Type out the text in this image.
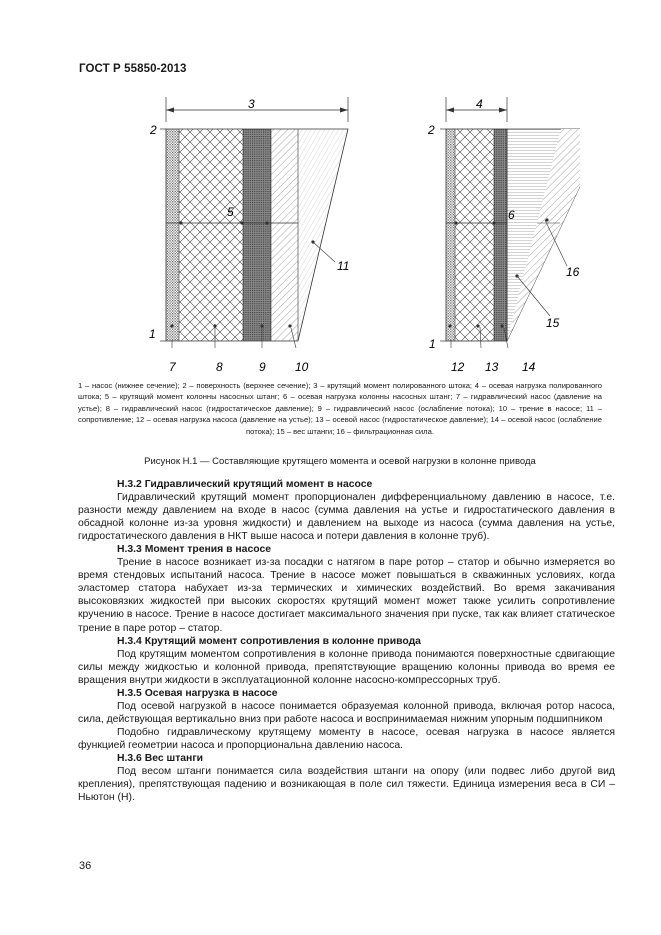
ГОСТ Р 55850-2013
3
2
5
1
7	8	9 10
11
4
2
6
1
12 13 14
16
15
1 – насос (нижнее сечение); 2 – поверхность (верхнее сечение); 3 – крутящий момент полированного штока; 4 – осевая нагрузка полированного штока; 5 – крутящий момент колонны насосных штанг; 6 – осевая нагрузка колонны насосных штанг; 7 – гидравлический насос (давление на устье); 8 – гидравлический насос (гидростатическое давление); 9 – гидравлический насос (ослабление потока); 10 – трение в насосе; 11 – сопротивление; 12 – осевая нагрузка насоса (давление на устье); 13 – осевой насос (гидростатическое давление); 14 – осевой насос (ослабление потока); 15 – вес штанги; 16 – фильтрационная сила.
Рисунок Н.1 — Составляющие крутящего момента и осевой нагрузки в колонне привода
Н.3.2 Гидравлический крутящий момент в насосе

Гидравлический крутящий момент пропорционален дифференциальному давлению в насосе, т.е. разности между давлением на входе в насос (сумма давления на устье и гидростатического давления в обсадной колонне из-за уровня жидкости) и давлением на выходе из насоса (сумма давления на устье, гидростатического давления в НКТ выше насоса и потери давления в колонне труб).

Н.3.3 Момент трения в насосе

Трение в насосе возникает из-за посадки с натягом в паре ротор – статор и обычно измеряется во время стендовых испытаний насоса. Трение в насосе может повышаться в скважинных условиях, когда эластомер статора набухает из-за термических и химических воздействий. Во время закачивания высоковязких жидкостей при высоких скоростях крутящий момент может также усилить сопротивление кручению в насосе. Трение в насосе достигает максимального значения при пуске, так как влияет статическое трение в паре ротор – статор.

Н.3.4 Крутящий момент сопротивления в колонне привода

Под крутящим моментом сопротивления в колонне привода понимаются поверхностные сдвигающие силы между жидкостью и колонной привода, препятствующие вращению колонны привода во время ее вращения внутри жидкости в эксплуатационной колонне насосно-компрессорных труб.

Н.3.5 Осевая нагрузка в насосе

Под осевой нагрузкой в насосе понимается образуемая колонной привода, включая ротор насоса, сила, действующая вертикально вниз при работе насоса и воспринимаемая нижним упорным подшипником

Подобно гидравлическому крутящему моменту в насосе, осевая нагрузка в насосе является функцией геометрии насоса и пропорциональна давлению насоса.

Н.3.6 Вес штанги

Под весом штанги понимается сила воздействия штанги на опору (или подвес либо другой вид крепления), препятствующая падению и возникающая в поле сил тяжести. Единица измерения веса в СИ – Ньютон (Н).

36
